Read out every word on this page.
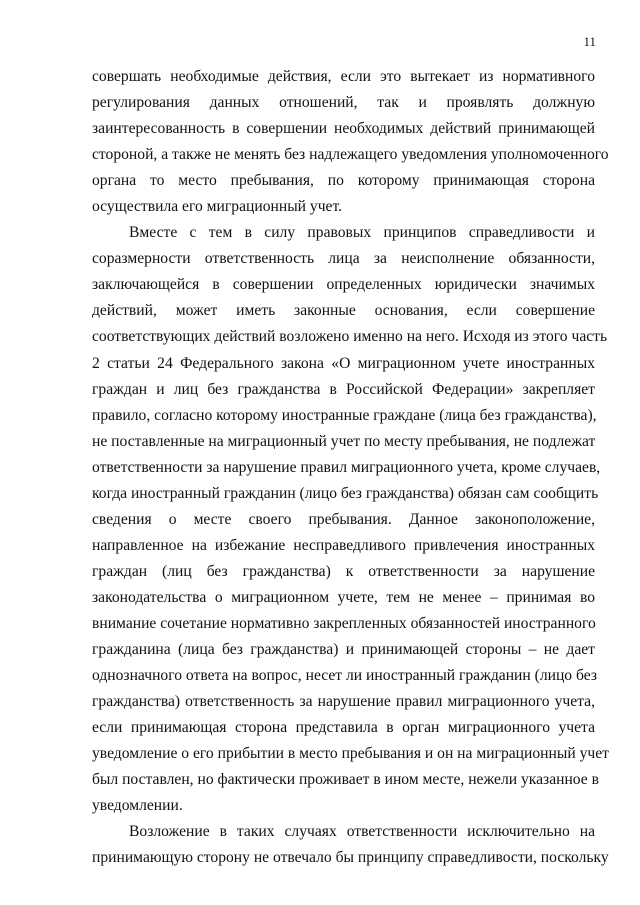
11
совершать необходимые действия, если это вытекает из нормативного
регулирования данных отношений, так и проявлять должную
заинтересованность в совершении необходимых действий принимающей
стороной, а также не менять без надлежащего уведомления уполномоченного
органа то место пребывания, по которому принимающая сторона
осуществила его миграционный учет.
Вместе с тем в силу правовых принципов справедливости и
соразмерности ответственность лица за неисполнение обязанности,
заключающейся в совершении определенных юридически значимых
действий, может иметь законные основания, если совершение
соответствующих действий возложено именно на него. Исходя из этого часть
2 статьи 24 Федерального закона «О миграционном учете иностранных
граждан и лиц без гражданства в Российской Федерации» закрепляет
правило, согласно которому иностранные граждане (лица без гражданства),
не поставленные на миграционный учет по месту пребывания, не подлежат
ответственности за нарушение правил миграционного учета, кроме случаев,
когда иностранный гражданин (лицо без гражданства) обязан сам сообщить
сведения о месте своего пребывания. Данное законоположение,
направленное на избежание несправедливого привлечения иностранных
граждан (лиц без гражданства) к ответственности за нарушение
законодательства о миграционном учете, тем не менее – принимая во
внимание сочетание нормативно закрепленных обязанностей иностранного
гражданина (лица без гражданства) и принимающей стороны – не дает
однозначного ответа на вопрос, несет ли иностранный гражданин (лицо без
гражданства) ответственность за нарушение правил миграционного учета,
если принимающая сторона представила в орган миграционного учета
уведомление о его прибытии в место пребывания и он на миграционный учет
был поставлен, но фактически проживает в ином месте, нежели указанное в
уведомлении.
Возложение в таких случаях ответственности исключительно на
принимающую сторону не отвечало бы принципу справедливости, поскольку
